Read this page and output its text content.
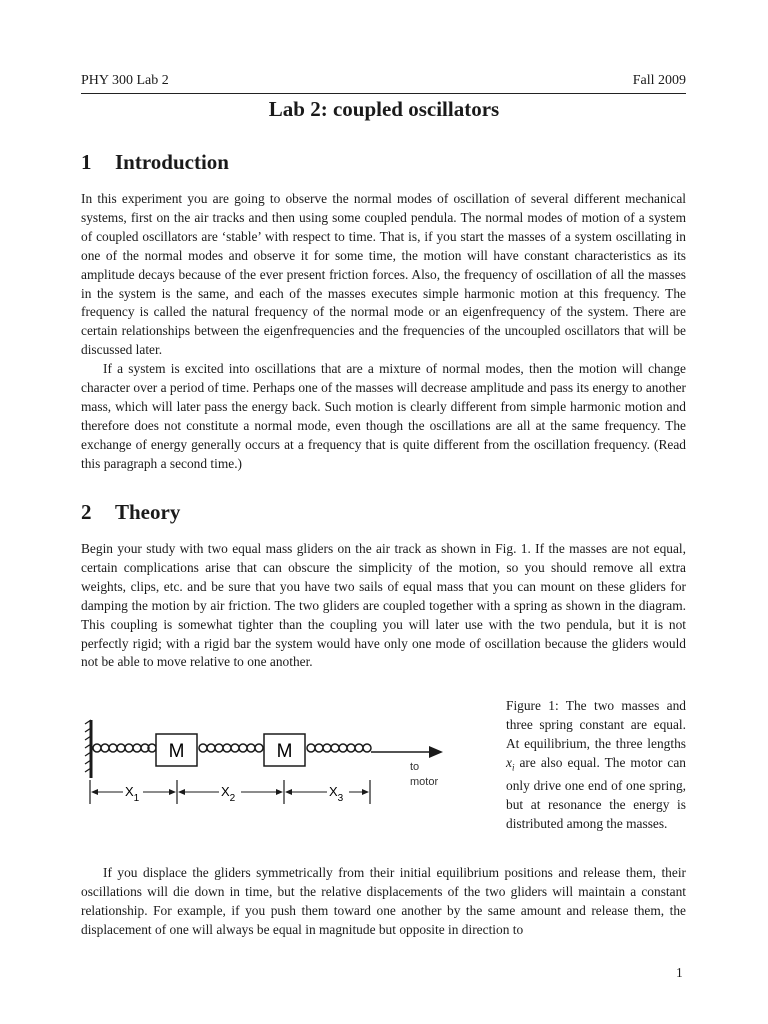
PHY 300 Lab 2	Fall 2009
Lab 2: coupled oscillators
1 Introduction

In this experiment you are going to observe the normal modes of oscillation of several different mechanical systems, first on the air tracks and then using some coupled pendula. The normal modes of motion of a system of coupled oscillators are ‘stable’ with respect to time. That is, if you start the masses of a system oscillating in one of the normal modes and observe it for some time, the motion will have constant characteristics as its amplitude decays because of the ever present friction forces. Also, the frequency of oscillation of all the masses in the system is the same, and each of the masses executes simple harmonic motion at this frequency. The frequency is called the natural frequency of the normal mode or an eigenfrequency of the system. There are certain relationships between the eigenfrequencies and the frequencies of the uncoupled oscillators that will be discussed later.

If a system is excited into oscillations that are a mixture of normal modes, then the motion will change character over a period of time. Perhaps one of the masses will decrease amplitude and pass its energy to another mass, which will later pass the energy back. Such motion is clearly different from simple harmonic motion and therefore does not constitute a normal mode, even though the oscillations are all at the same frequency. The exchange of energy generally occurs at a frequency that is quite different from the oscillation frequency. (Read this paragraph a second time.)

2 Theory

Begin your study with two equal mass gliders on the air track as shown in Fig. 1. If the masses are not equal, certain complications arise that can obscure the simplicity of the motion, so you should remove all extra weights, clips, etc. and be sure that you have two sails of equal mass that you can mount on these gliders for damping the motion by air friction. The two gliders are coupled together with a spring as shown in the diagram. This coupling is somewhat tighter than the coupling you will later use with the two pendula, but it is not perfectly rigid; with a rigid bar the system would have only one mode of oscillation because the gliders would not be able to move relative to one another.

M	M
to
motor
$X_1$	$X_2$	$X_3$

Figure 1: The two masses and three spring constant are equal. At equilibrium, the three lengths $x_i$ are also equal. The motor can only drive one end of one spring, but at resonance the energy is distributed among the masses.

If you displace the gliders symmetrically from their initial equilibrium positions and release them, their oscillations will die down in time, but the relative displacements of the two gliders will maintain a constant relationship. For example, if you push them toward one another by the same amount and release them, the displacement of one will always be equal in magnitude but opposite in direction to

1
